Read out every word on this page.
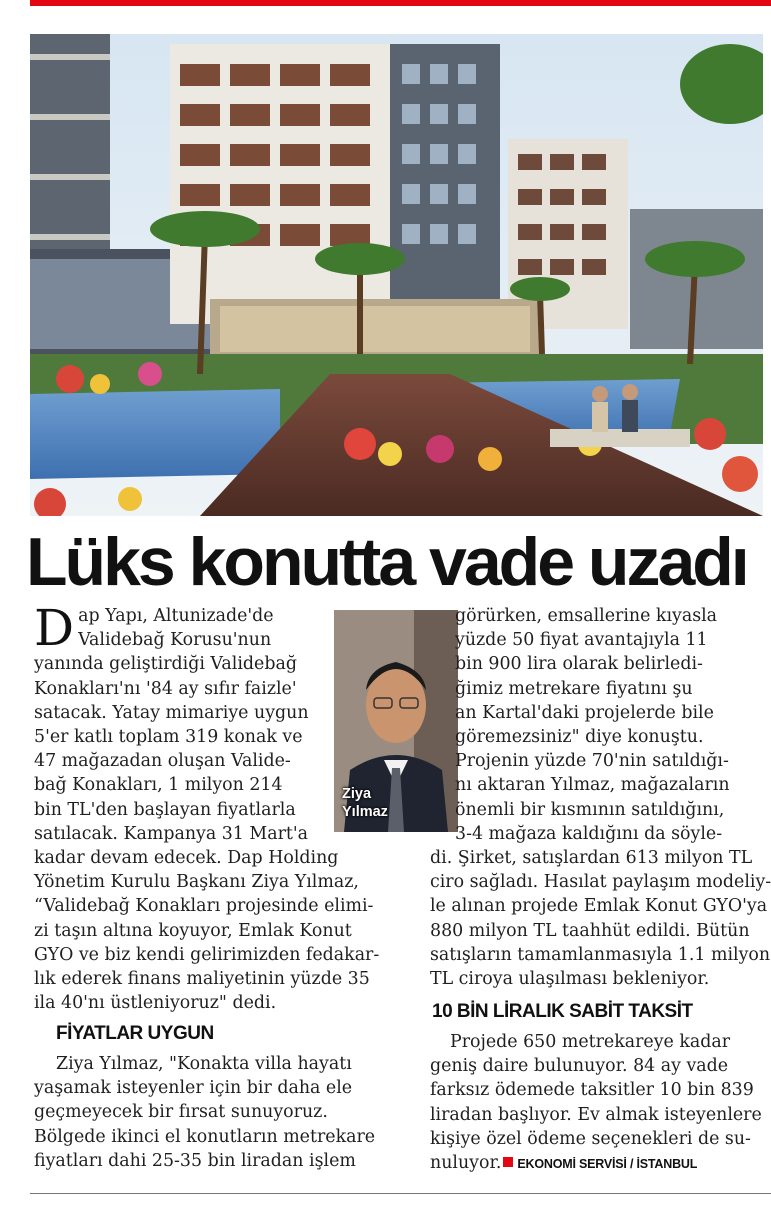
Lüks konutta vade uzadı
D ap Yapı, Altunizade'de
Validebağ Korusu'nun
yanında geliştirdiği Validebağ
Konakları'nı '84 ay sıfır faizle'
satacak. Yatay mimariye uygun
5'er katlı toplam 319 konak ve
47 mağazadan oluşan Valide-
bağ Konakları, 1 milyon 214
bin TL'den başlayan fiyatlarla
satılacak. Kampanya 31 Mart'a
kadar devam edecek. Dap Holding
Yönetim Kurulu Başkanı Ziya Yılmaz,
“Validebağ Konakları projesinde elimi-
zi taşın altına koyuyor, Emlak Konut
GYO ve biz kendi gelirimizden fedakar-
lık ederek finans maliyetinin yüzde 35
ila 40'nı üstleniyoruz" dedi.
Ziya
Yılmaz
görürken, emsallerine kıyasla
yüzde 50 fiyat avantajıyla 11
bin 900 lira olarak belirledi-
ğimiz metrekare fiyatını şu
an Kartal'daki projelerde bile
göremezsiniz" diye konuştu.
Projenin yüzde 70'nin satıldığı-
nı aktaran Yılmaz, mağazaların
önemli bir kısmının satıldığını,
3-4 mağaza kaldığını da söyle-
di. Şirket, satışlardan 613 milyon TL
ciro sağladı. Hasılat paylaşım modeliy-
le alınan projede Emlak Konut GYO'ya
880 milyon TL taahhüt edildi. Bütün
satışların tamamlanmasıyla 1.1 milyon
TL ciroya ulaşılması bekleniyor.
FİYATLAR UYGUN
Ziya Yılmaz, "Konakta villa hayatı
yaşamak isteyenler için bir daha ele
geçmeyecek bir fırsat sunuyoruz.
Bölgede ikinci el konutların metrekare
fiyatları dahi 25-35 bin liradan işlem
10 BİN LİRALIK SABİT TAKSİT
Projede 650 metrekareye kadar
geniş daire bulunuyor. 84 ay vade
farksız ödemede taksitler 10 bin 839
liradan başlıyor. Ev almak isteyenlere
kişiye özel ödeme seçenekleri de su-
nuluyor. EKONOMİ SERVİSİ / İSTANBUL
